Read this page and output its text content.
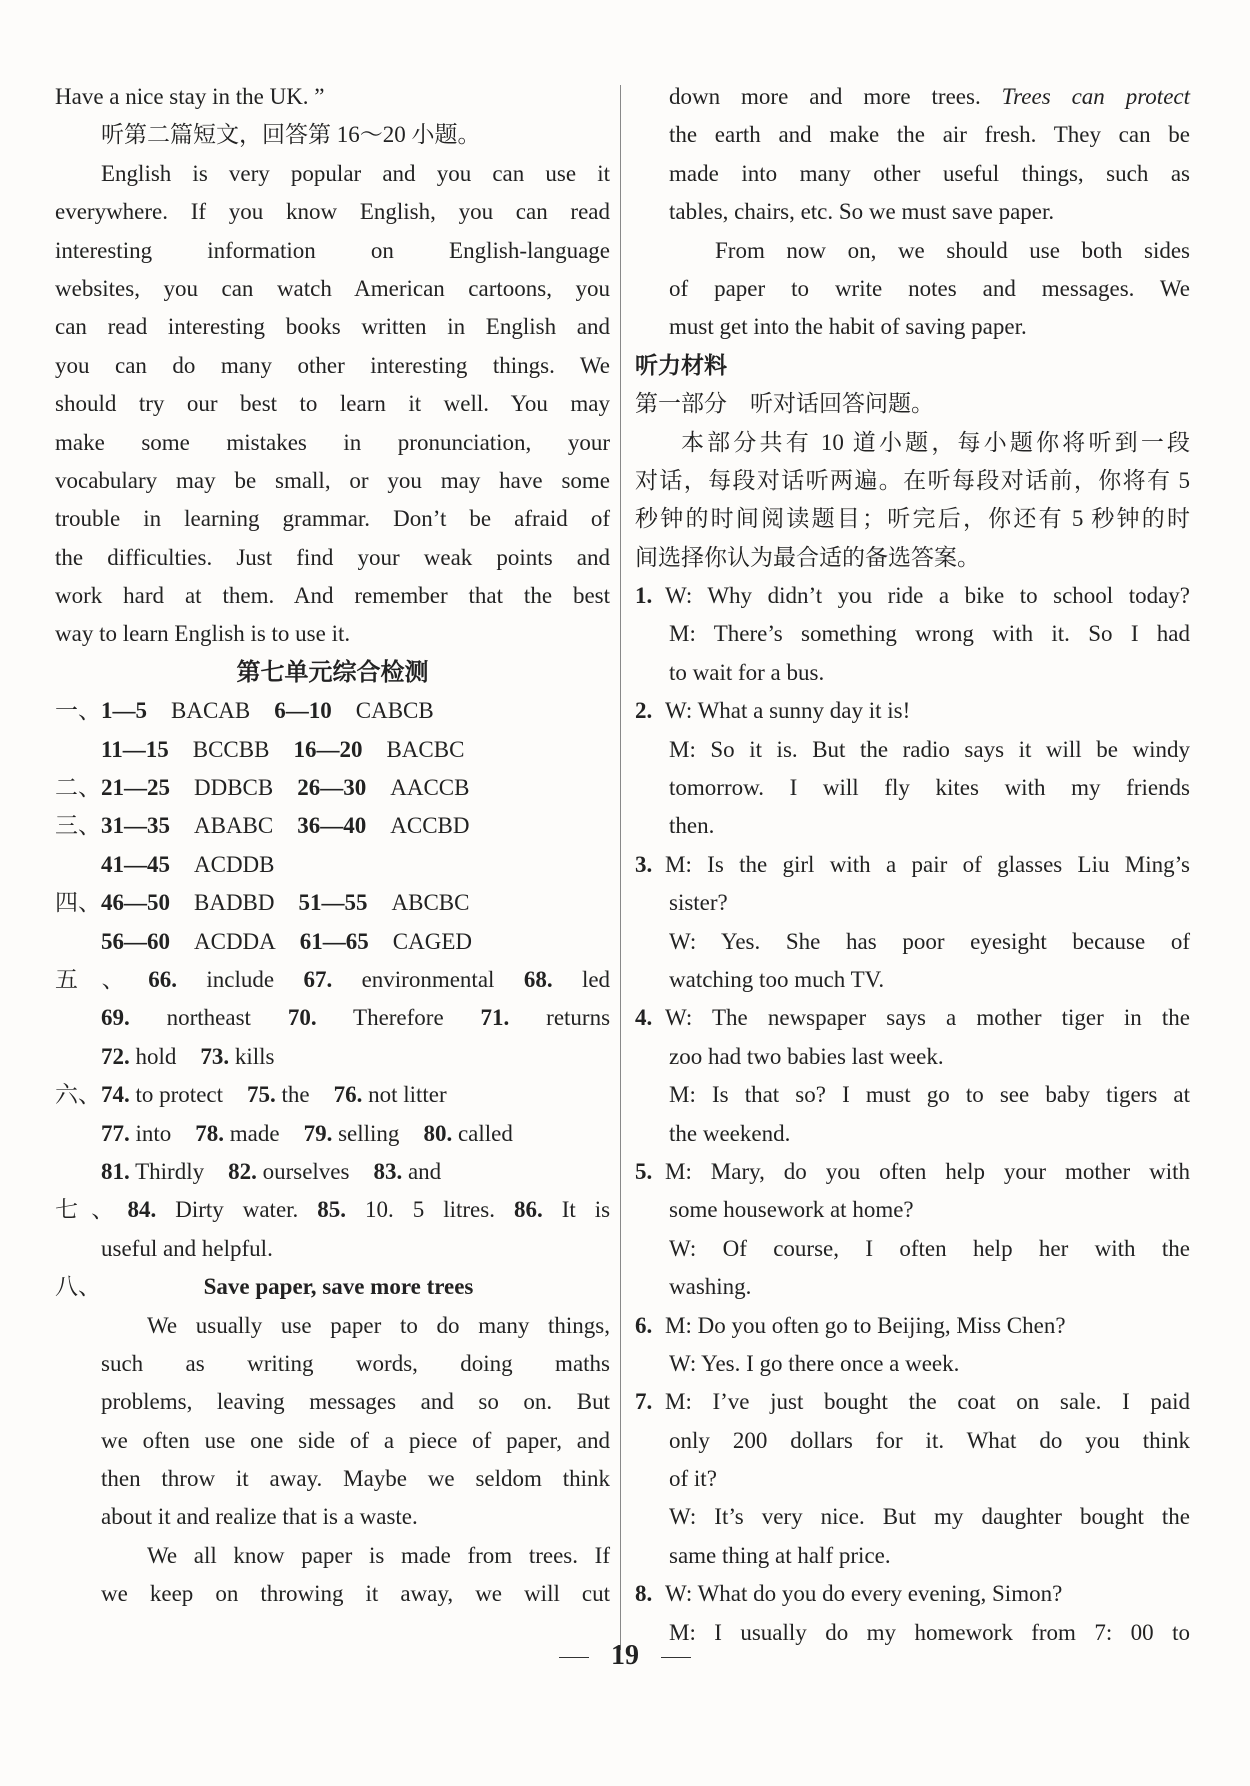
Have a nice stay in the UK. ”
听第二篇短文，回答第 16～20 小题。
English is very popular and you can use it
everywhere. If you know English, you can read
interesting information on English-language
websites, you can watch American cartoons, you
can read interesting books written in English and
you can do many other interesting things. We
should try our best to learn it well. You may
make some mistakes in pronunciation, your
vocabulary may be small, or you may have some
trouble in learning grammar. Don’t be afraid of
the difficulties. Just find your weak points and
work hard at them. And remember that the best
way to learn English is to use it.
第七单元综合检测
一、1—5 BACAB 6—10 CABCB
11—15 BCCBB 16—20 BACBC
二、21—25 DDBCB 26—30 AACCB
三、31—35 ABABC 36—40 ACCBD
41—45 ACDDB
四、46—50 BADBD 51—55 ABCBC
56—60 ACDDA 61—65 CAGED
五、66. include 67. environmental 68. led
69. northeast 70. Therefore 71. returns
72. hold 73. kills
六、74. to protect 75. the 76. not litter
77. into 78. made 79. selling 80. called
81. Thirdly 82. ourselves 83. and
七、84. Dirty water. 85. 10. 5 litres. 86. It is
useful and helpful.
八、	Save paper, save more trees
We usually use paper to do many things,
such as writing words, doing maths
problems, leaving messages and so on. But
we often use one side of a piece of paper, and
then throw it away. Maybe we seldom think
about it and realize that is a waste.
We all know paper is made from trees. If
we keep on throwing it away, we will cut
down more and more trees. Trees can protect
the earth and make the air fresh. They can be
made into many other useful things, such as
tables, chairs, etc. So we must save paper.
From now on, we should use both sides
of paper to write notes and messages. We
must get into the habit of saving paper.
听力材料
第一部分　听对话回答问题。
本部分共有 10 道小题，每小题你将听到一段
对话，每段对话听两遍。在听每段对话前，你将有 5
秒钟的时间阅读题目；听完后，你还有 5 秒钟的时
间选择你认为最合适的备选答案。
1. W: Why didn’t you ride a bike to school today?
M: There’s something wrong with it. So I had
to wait for a bus.
2. W: What a sunny day it is!
M: So it is. But the radio says it will be windy
tomorrow. I will fly kites with my friends
then.
3. M: Is the girl with a pair of glasses Liu Ming’s
sister?
W: Yes. She has poor eyesight because of
watching too much TV.
4. W: The newspaper says a mother tiger in the
zoo had two babies last week.
M: Is that so? I must go to see baby tigers at
the weekend.
5. M: Mary, do you often help your mother with
some housework at home?
W: Of course, I often help her with the
washing.
6. M: Do you often go to Beijing, Miss Chen?
W: Yes. I go there once a week.
7. M: I’ve just bought the coat on sale. I paid
only 200 dollars for it. What do you think
of it?
W: It’s very nice. But my daughter bought the
same thing at half price.
8. W: What do you do every evening, Simon?
M: I usually do my homework from 7: 00 to
19
